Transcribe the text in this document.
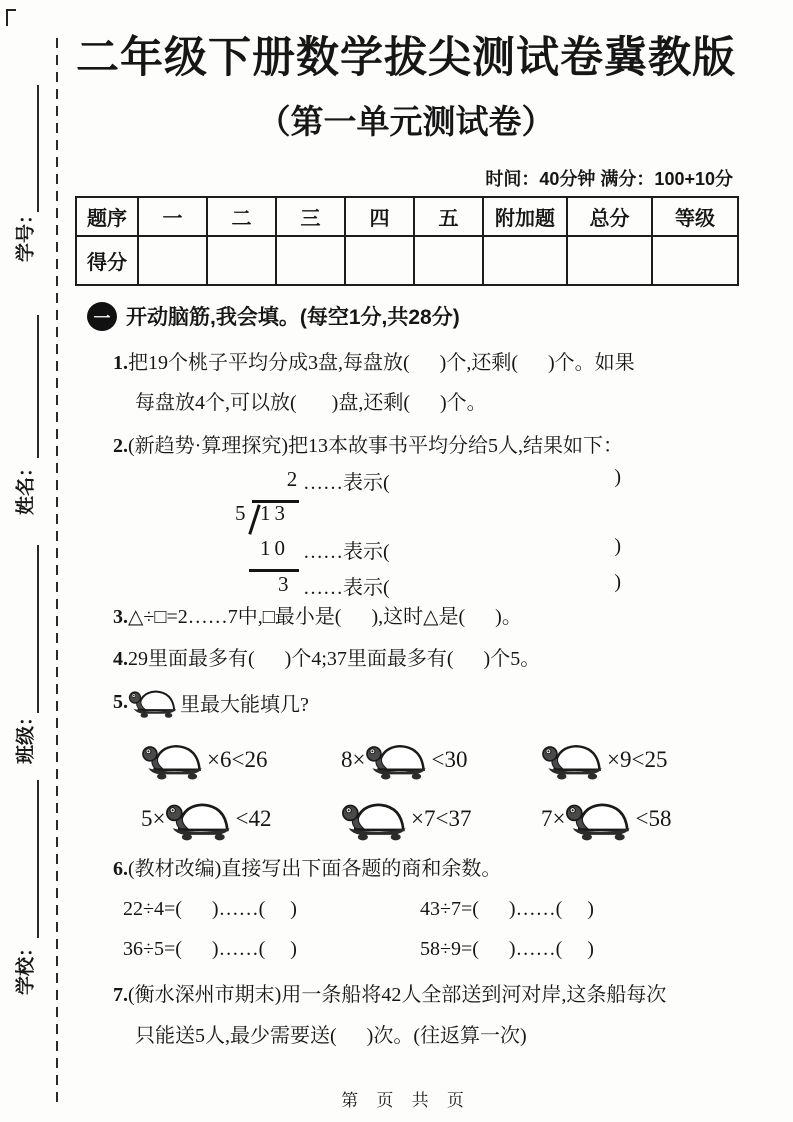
学号：
姓名：
班级：
学校：
二年级下册数学拔尖测试卷冀教版
（第一单元测试卷）
时间：40分钟 满分：100+10分
题序	一	二	三	四	五	附加题	总分	等级
得分								
一 开动脑筋,我会填。(每空1分,共28分)
1.把19个桃子平均分成3盘,每盘放(      )个,还剩(      )个。如果
每盘放4个,可以放(       )盘,还剩(      )个。
2.(新趋势·算理探究)把13本故事书平均分给5人,结果如下：
2
5 13
10
3
……表示(	)
……表示(	)
……表示(	)
3.△÷□=2……7中,□最小是(      ),这时△是(      )。
4.29里面最多有(      )个4;37里面最多有(      )个5。
5.	里最大能填几?
×6<26	8×	<30	×9<25
5×	<42	×7<37	7×	<58
6.(教材改编)直接写出下面各题的商和余数。
22÷4=(      )……(     )	43÷7=(      )……(     )
36÷5=(      )……(     )	58÷9=(      )……(     )
7.(衡水深州市期末)用一条船将42人全部送到河对岸,这条船每次
只能送5人,最少需要送(      )次。(往返算一次)
第 页 共 页
